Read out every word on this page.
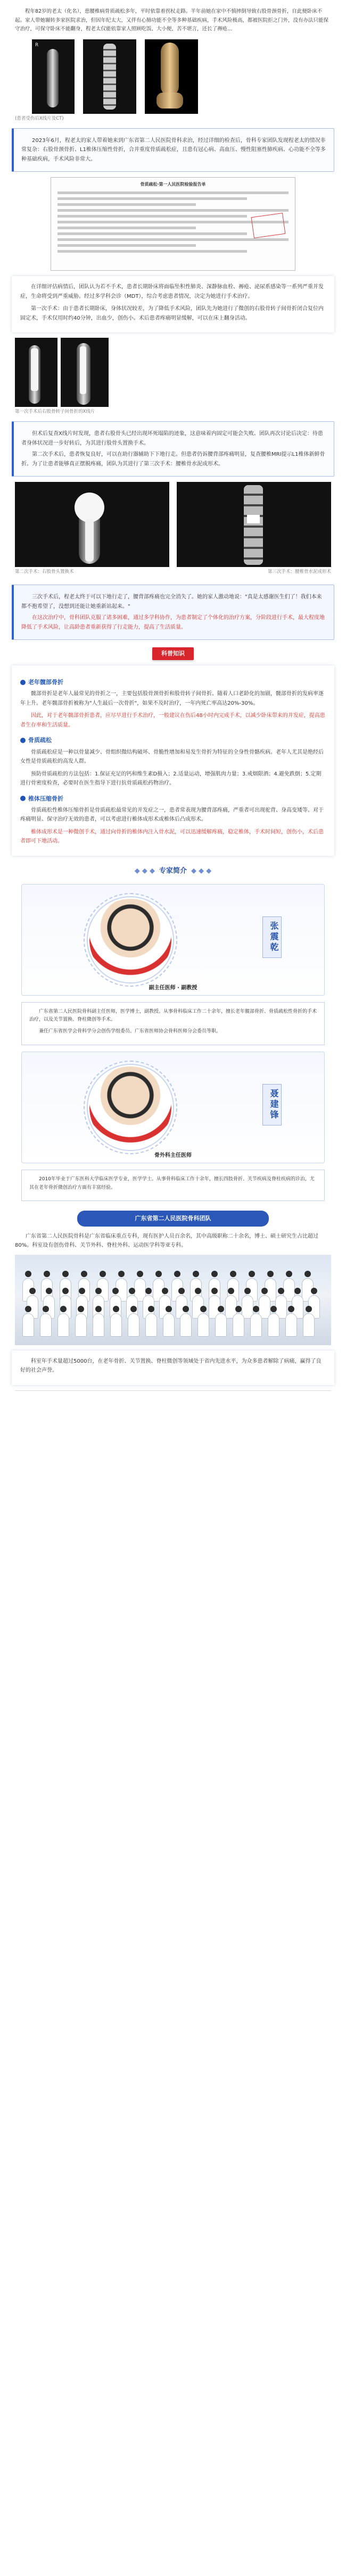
　　程年82岁的老太（化名），患腰椎病骨质疏松多年，平时依靠着拐杖走路。半年前她在家中不慎摔倒导致右股骨颈骨折，自此便卧床不起。家人带她辗转多家医院求治，但因年纪太大，又伴有心肺功能不全等多种基础疾病，手术风险极高，都被医院拒之门外，没有办法只能保守治疗，可保守卧床不能翻身，程老太仅能依靠家人照顾吃饭、大小便，苦不堪言，还长了褥疮…

R
(患者受伤后X线片及CT)

　　2023年6月，程老太的家人带着她来到广东省第二人民医院骨科求治，经过详细的检查后，骨科专家团队发现程老太的情况非常复杂：右股骨颈骨折、L1椎体压缩性骨折，合并重度骨质疏松症，且患有冠心病、高血压、慢性阻塞性肺疾病、心功能不全等多种基础疾病，手术风险非常大。

骨质疏松·第一人民医院检验报告单

　　在详细评估病情后，团队认为若不手术，患者长期卧床将面临坠积性肺炎、深静脉血栓、褥疮、泌尿系感染等一系列严重并发症，生命将受到严重威胁。经过多学科会诊（MDT），综合考虑患者情况，决定为她进行手术治疗。

　　第一次手术：由于患者长期卧床，身体状况较差，为了降低手术风险，团队先为她进行了微创的右股骨转子间骨折闭合复位内固定术，手术仅用时约40分钟，出血少，创伤小。术后患者疼痛明显缓解，可以在床上翻身活动。

第一次手术后右股骨转子间骨折的X线片

　　但术后复查X线片时发现，患者右股骨头已经出现坏死塌陷的迹象，这意味着内固定可能会失败。团队再次讨论后决定：待患者身体状况进一步好转后，为其进行股骨头置换手术。

　　第二次手术后，患者恢复良好，可以在助行器辅助下下地行走。但患者仍诉腰背部疼痛明显，复查腰椎MRI提示L1椎体新鲜骨折。为了让患者能够真正摆脱疼痛，团队为其进行了第三次手术：腰椎骨水泥成形术。

第二次手术：右股骨头置换术	第三次手术：腰椎骨水泥成形术

　　三次手术后，程老太终于可以下地行走了，腰背部疼痛也完全消失了。她的家人激动地说："真是太感谢医生们了！我们本来都不抱希望了，没想到还能让她重新站起来。"

　　在这次治疗中，骨科团队克服了诸多困难，通过多学科协作，为患者制定了个体化的治疗方案，分阶段进行手术，最大程度地降低了手术风险，让高龄患者重新获得了行走能力，提高了生活质量。

科普知识
老年髋部骨折

　　髋部骨折是老年人最常见的骨折之一，主要包括股骨颈骨折和股骨转子间骨折。随着人口老龄化的加剧，髋部骨折的发病率逐年上升。老年髋部骨折被称为"人生最后一次骨折"，如果不及时治疗，一年内死亡率高达20%-30%。

　　因此，对于老年髋部骨折患者，应尽早进行手术治疗，一般建议在伤后48小时内完成手术，以减少卧床带来的并发症，提高患者生存率和生活质量。

骨质疏松

　　骨质疏松症是一种以骨量减少、骨组织微结构破坏、骨脆性增加和易发生骨折为特征的全身性骨骼疾病。老年人尤其是绝经后女性是骨质疏松的高发人群。

　　预防骨质疏松的方法包括：1.保证充足的钙和维生素D摄入；2.适量运动，增强肌肉力量；3.戒烟限酒；4.避免跌倒；5.定期进行骨密度检查，必要时在医生指导下进行抗骨质疏松药物治疗。

椎体压缩骨折

　　骨质疏松性椎体压缩骨折是骨质疏松最常见的并发症之一，患者常表现为腰背部疼痛，严重者可出现驼背、身高变矮等。对于疼痛明显、保守治疗无效的患者，可以考虑进行椎体成形术或椎体后凸成形术。

　　椎体成形术是一种微创手术，通过向骨折的椎体内注入骨水泥，可以迅速缓解疼痛，稳定椎体，手术时间短，创伤小，术后患者即可下地活动。

◆ ◆ ◆ 专家简介 ◆ ◆ ◆
张震乾
副主任医师 · 副教授

　　广东省第二人民医院骨科副主任医师，医学博士，副教授。从事骨科临床工作二十余年，擅长老年髋部骨折、骨质疏松性骨折的手术治疗，以及关节置换、脊柱微创等手术。

　　兼任广东省医学会骨科学分会创伤学组委员、广东省医师协会骨科医师分会委员等职。

聂建锋
骨外科主任医师

　　2010年毕业于广东医科大学临床医学专业，医学学士。从事骨科临床工作十余年，擅长四肢骨折、关节疾病及脊柱疾病的诊治，尤其在老年骨折微创治疗方面有丰富经验。

广东省第二人民医院骨科团队

　　广东省第二人民医院骨科是广东省临床重点专科，现有医护人员百余名，其中高级职称二十余名，博士、硕士研究生占比超过80%。科室设有创伤骨科、关节外科、脊柱外科、运动医学科等亚专科。

　　科室年手术量超过5000台，在老年骨折、关节置换、脊柱微创等领域处于省内先进水平，为众多患者解除了病痛，赢得了良好的社会声誉。
